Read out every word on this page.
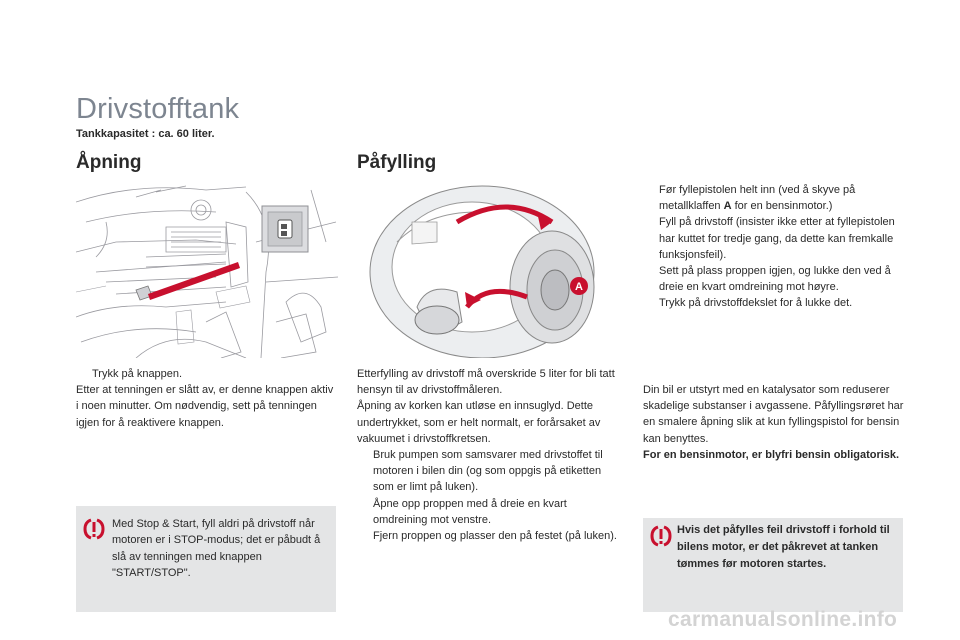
Drivstofftank
Tankkapasitet : ca. 60 liter.
Åpning	Påfylling
A
Trykk på knappen.

Etter at tenningen er slått av, er denne knappen aktiv i noen minutter. Om nødvendig, sett på tenningen igjen for å reaktivere knappen.

Med Stop & Start, fyll aldri på drivstoff når motoren er i STOP-modus; det er påbudt å slå av tenningen med knappen "START/STOP".

Etterfylling av drivstoff må overskride 5 liter for bli tatt hensyn til av drivstoffmåleren.

Åpning av korken kan utløse en innsuglyd. Dette undertrykket, som er helt normalt, er forårsaket av vakuumet i drivstoffkretsen.

Bruk pumpen som samsvarer med drivstoffet til motoren i bilen din (og som oppgis på etiketten som er limt på luken).
Åpne opp proppen med å dreie en kvart omdreining mot venstre.
Fjern proppen og plasser den på festet (på luken).
Før fyllepistolen helt inn (ved å skyve på metallklaffen A for en bensinmotor.)
Fyll på drivstoff (insister ikke etter at fyllepistolen har kuttet for tredje gang, da dette kan fremkalle funksjonsfeil).
Sett på plass proppen igjen, og lukke den ved å dreie en kvart omdreining mot høyre.
Trykk på drivstoffdekslet for å lukke det.

Din bil er utstyrt med en katalysator som reduserer skadelige substanser i avgassene. Påfyllingsrøret har en smalere åpning slik at kun fyllingspistol for bensin kan benyttes.

For en bensinmotor, er blyfri bensin obligatorisk.

Hvis det påfylles feil drivstoff i forhold til bilens motor, er det påkrevet at tanken tømmes før motoren startes.
carmanualsonline.info
